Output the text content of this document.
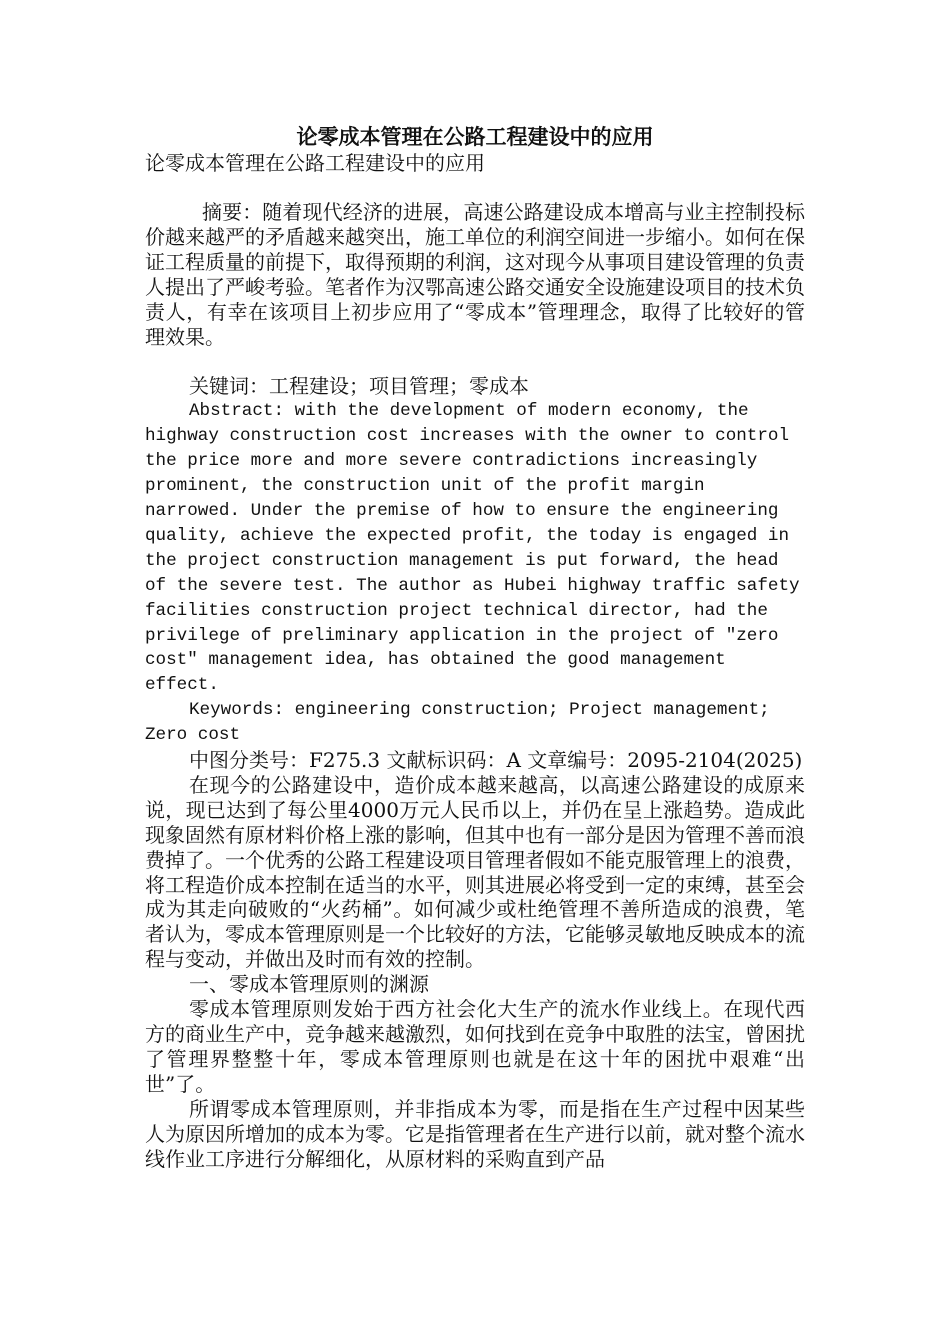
论零成本管理在公路工程建设中的应用
论零成本管理在公路工程建设中的应用

摘要：随着现代经济的进展，高速公路建设成本增高与业主控制投标价越来越严的矛盾越来越突出，施工单位的利润空间进一步缩小。如何在保证工程质量的前提下，取得预期的利润，这对现今从事项目建设管理的负责人提出了严峻考验。笔者作为汉鄂高速公路交通安全设施建设项目的技术负责人，有幸在该项目上初步应用了“零成本”管理理念，取得了比较好的管理效果。

关键词：工程建设；项目管理；零成本

Abstract: with the development of modern economy, the highway construction cost increases with the owner to control the price more and more severe contradictions increasingly prominent, the construction unit of the profit margin narrowed. Under the premise of how to ensure the engineering quality, achieve the expected profit, the today is engaged in the project construction management is put forward, the head of the severe test. The author as Hubei highway traffic safety facilities construction project technical director, had the privilege of preliminary application in the project of "zero cost" management idea, has obtained the good management effect.

Keywords: engineering construction; Project management; Zero cost

中图分类号：F275.3 文献标识码：A 文章编号：2095-2104(2025)

在现今的公路建设中，造价成本越来越高，以高速公路建设的成原来说，现已达到了每公里4000万元人民币以上，并仍在呈上涨趋势。造成此现象固然有原材料价格上涨的影响，但其中也有一部分是因为管理不善而浪费掉了。一个优秀的公路工程建设项目管理者假如不能克服管理上的浪费，将工程造价成本控制在适当的水平，则其进展必将受到一定的束缚，甚至会成为其走向破败的“火药桶”。如何减少或杜绝管理不善所造成的浪费，笔者认为，零成本管理原则是一个比较好的方法，它能够灵敏地反映成本的流程与变动，并做出及时而有效的控制。

一、零成本管理原则的渊源

零成本管理原则发始于西方社会化大生产的流水作业线上。在现代西方的商业生产中，竞争越来越激烈，如何找到在竞争中取胜的法宝，曾困扰了管理界整整十年，零成本管理原则也就是在这十年的困扰中艰难“出世”了。

所谓零成本管理原则，并非指成本为零，而是指在生产过程中因某些人为原因所增加的成本为零。它是指管理者在生产进行以前，就对整个流水线作业工序进行分解细化，从原材料的采购直到产品
